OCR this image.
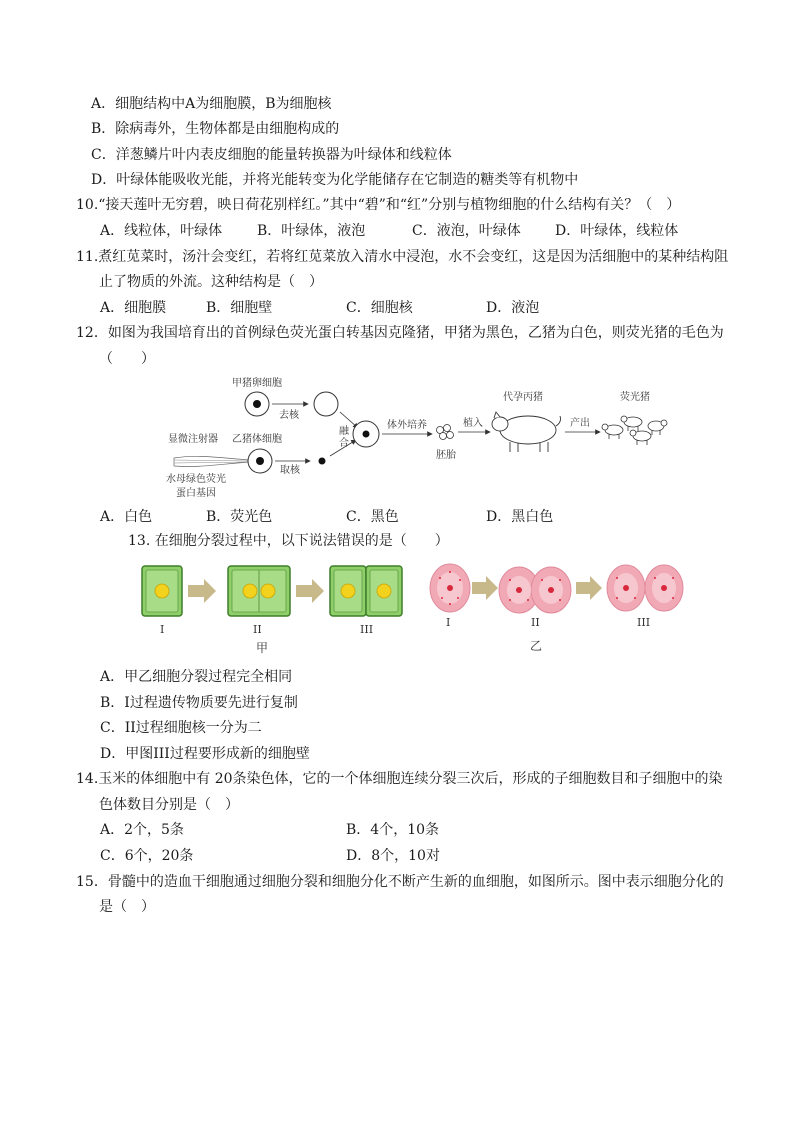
A．细胞结构中A为细胞膜，B为细胞核
B．除病毒外，生物体都是由细胞构成的
C．洋葱鳞片叶内表皮细胞的能量转换器为叶绿体和线粒体
D．叶绿体能吸收光能，并将光能转变为化学能储存在它制造的糖类等有机物中
10.“接天莲叶无穷碧，映日荷花别样红。”其中“碧”和“红”分别与植物细胞的什么结构有关？（　）
A．线粒体，叶绿体 B．叶绿体，液泡	C．液泡，叶绿体 D．叶绿体，线粒体
11.煮红苋菜时，汤汁会变红，若将红苋菜放入清水中浸泡，水不会变红，这是因为活细胞中的某种结构阻
止了物质的外流。这种结构是（　）
A．细胞膜	B．细胞壁	C．细胞核	D．液泡
12．如图为我国培育出的首例绿色荧光蛋白转基因克隆猪，甲猪为黑色，乙猪为白色，则荧光猪的毛色为
（　　）
甲猪卵细胞
去核
显微注射器
水母绿色荧光
蛋白基因
乙猪体细胞
取核
融
合
体外培养
胚胎
植入
代孕丙猪
产出
荧光猪
A．白色	B．荧光色	C．黑色	D．黑白色
13. 在细胞分裂过程中，以下说法错误的是（　　）
I	II	III
甲
I	II	III
乙
A．甲乙细胞分裂过程完全相同
B．I过程遗传物质要先进行复制
C．II过程细胞核一分为二
D．甲图III过程要形成新的细胞壁
14.玉米的体细胞中有 20条染色体，它的一个体细胞连续分裂三次后，形成的子细胞数目和子细胞中的染
色体数目分别是（　）
A．2个，5条	B．4个，10条
C．6个，20条	D．8个，10对
15．骨髓中的造血干细胞通过细胞分裂和细胞分化不断产生新的血细胞，如图所示。图中表示细胞分化的
是（　）
